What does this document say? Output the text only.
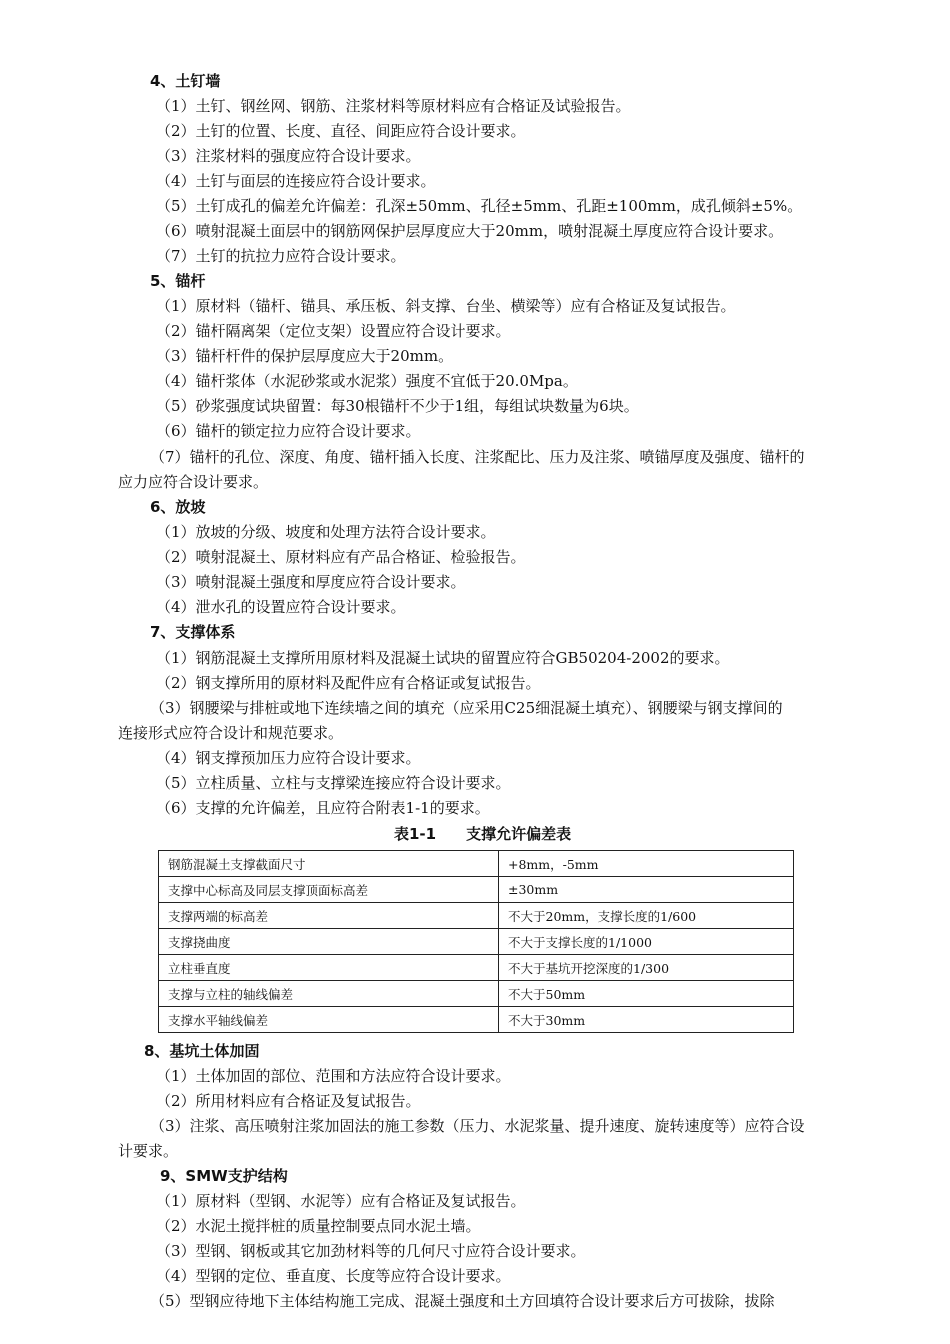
4、土钉墙
（1）土钉、钢丝网、钢筋、注浆材料等原材料应有合格证及试验报告。
（2）土钉的位置、长度、直径、间距应符合设计要求。
（3）注浆材料的强度应符合设计要求。
（4）土钉与面层的连接应符合设计要求。
（5）土钉成孔的偏差允许偏差：孔深±50mm、孔径±5mm、孔距±100mm，成孔倾斜±5%。
（6）喷射混凝土面层中的钢筋网保护层厚度应大于20mm，喷射混凝土厚度应符合设计要求。
（7）土钉的抗拉力应符合设计要求。
5、锚杆
（1）原材料（锚杆、锚具、承压板、斜支撑、台坐、横梁等）应有合格证及复试报告。
（2）锚杆隔离架（定位支架）设置应符合设计要求。
（3）锚杆杆件的保护层厚度应大于20mm。
（4）锚杆浆体（水泥砂浆或水泥浆）强度不宜低于20.0Mpa。
（5）砂浆强度试块留置：每30根锚杆不少于1组，每组试块数量为6块。
（6）锚杆的锁定拉力应符合设计要求。
（7）锚杆的孔位、深度、角度、锚杆插入长度、注浆配比、压力及注浆、喷锚厚度及强度、锚杆的
应力应符合设计要求。
6、放坡
（1）放坡的分级、坡度和处理方法符合设计要求。
（2）喷射混凝土、原材料应有产品合格证、检验报告。
（3）喷射混凝土强度和厚度应符合设计要求。
（4）泄水孔的设置应符合设计要求。
7、支撑体系
（1）钢筋混凝土支撑所用原材料及混凝土试块的留置应符合GB50204-2002的要求。
（2）钢支撑所用的原材料及配件应有合格证或复试报告。
（3）钢腰梁与排桩或地下连续墙之间的填充（应采用C25细混凝土填充）、钢腰梁与钢支撑间的
连接形式应符合设计和规范要求。
（4）钢支撑预加压力应符合设计要求。
（5）立柱质量、立柱与支撑梁连接应符合设计要求。
（6）支撑的允许偏差，且应符合附表1-1的要求。
表1-1　　支撑允许偏差表
钢筋混凝土支撑截面尺寸	+8mm，-5mm
支撑中心标高及同层支撑顶面标高差	±30mm
支撑两端的标高差	不大于20mm，支撑长度的1/600
支撑挠曲度	不大于支撑长度的1/1000
立柱垂直度	不大于基坑开挖深度的1/300
支撑与立柱的轴线偏差	不大于50mm
支撑水平轴线偏差	不大于30mm
8、基坑土体加固
（1）土体加固的部位、范围和方法应符合设计要求。
（2）所用材料应有合格证及复试报告。
（3）注浆、高压喷射注浆加固法的施工参数（压力、水泥浆量、提升速度、旋转速度等）应符合设
计要求。
9、SMW支护结构
（1）原材料（型钢、水泥等）应有合格证及复试报告。
（2）水泥土搅拌桩的质量控制要点同水泥土墙。
（3）型钢、钢板或其它加劲材料等的几何尺寸应符合设计要求。
（4）型钢的定位、垂直度、长度等应符合设计要求。
（5）型钢应待地下主体结构施工完成、混凝土强度和土方回填符合设计要求后方可拔除，拔除
